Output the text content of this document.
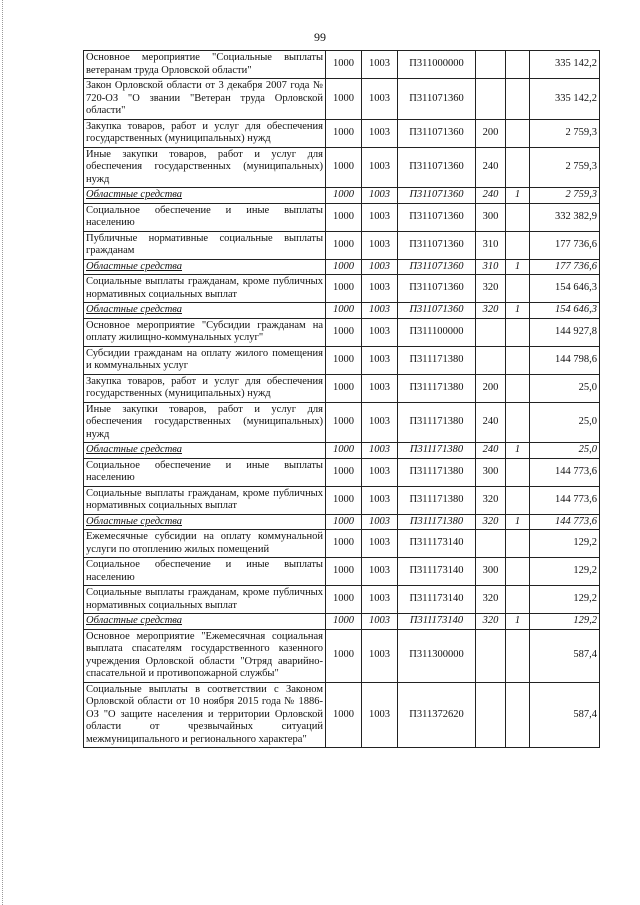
99
Основное мероприятие "Социальные выплаты ветеранам труда Орловской области"	1000	1003	П311000000			335 142,2
Закон Орловской области от 3 декабря 2007 года № 720-ОЗ "О звании "Ветеран труда Орловской области"	1000	1003	П311071360			335 142,2
Закупка товаров, работ и услуг для обеспечения государственных (муниципальных) нужд	1000	1003	П311071360	200		2 759,3
Иные закупки товаров, работ и услуг для обеспечения государственных (муниципальных) нужд	1000	1003	П311071360	240		2 759,3
Областные средства	1000	1003	П311071360	240	1	2 759,3
Социальное обеспечение и иные выплаты населению	1000	1003	П311071360	300		332 382,9
Публичные нормативные социальные выплаты гражданам	1000	1003	П311071360	310		177 736,6
Областные средства	1000	1003	П311071360	310	1	177 736,6
Социальные выплаты гражданам, кроме публичных нормативных социальных выплат	1000	1003	П311071360	320		154 646,3
Областные средства	1000	1003	П311071360	320	1	154 646,3
Основное мероприятие "Субсидии гражданам на оплату жилищно-коммунальных услуг"	1000	1003	П311100000			144 927,8
Субсидии гражданам на оплату жилого помещения и коммунальных услуг	1000	1003	П311171380			144 798,6
Закупка товаров, работ и услуг для обеспечения государственных (муниципальных) нужд	1000	1003	П311171380	200		25,0
Иные закупки товаров, работ и услуг для обеспечения государственных (муниципальных) нужд	1000	1003	П311171380	240		25,0
Областные средства	1000	1003	П311171380	240	1	25,0
Социальное обеспечение и иные выплаты населению	1000	1003	П311171380	300		144 773,6
Социальные выплаты гражданам, кроме публичных нормативных социальных выплат	1000	1003	П311171380	320		144 773,6
Областные средства	1000	1003	П311171380	320	1	144 773,6
Ежемесячные субсидии на оплату коммунальной услуги по отоплению жилых помещений	1000	1003	П311173140			129,2
Социальное обеспечение и иные выплаты населению	1000	1003	П311173140	300		129,2
Социальные выплаты гражданам, кроме публичных нормативных социальных выплат	1000	1003	П311173140	320		129,2
Областные средства	1000	1003	П311173140	320	1	129,2
Основное мероприятие "Ежемесячная социальная выплата спасателям государственного казенного учреждения Орловской области "Отряд аварийно-спасательной и противопожарной службы"	1000	1003	П311300000			587,4
Социальные выплаты в соответствии с Законом Орловской области от 10 ноября 2015 года № 1886-ОЗ "О защите населения и территории Орловской области от чрезвычайных ситуаций межмуниципального и регионального характера"	1000	1003	П311372620			587,4
